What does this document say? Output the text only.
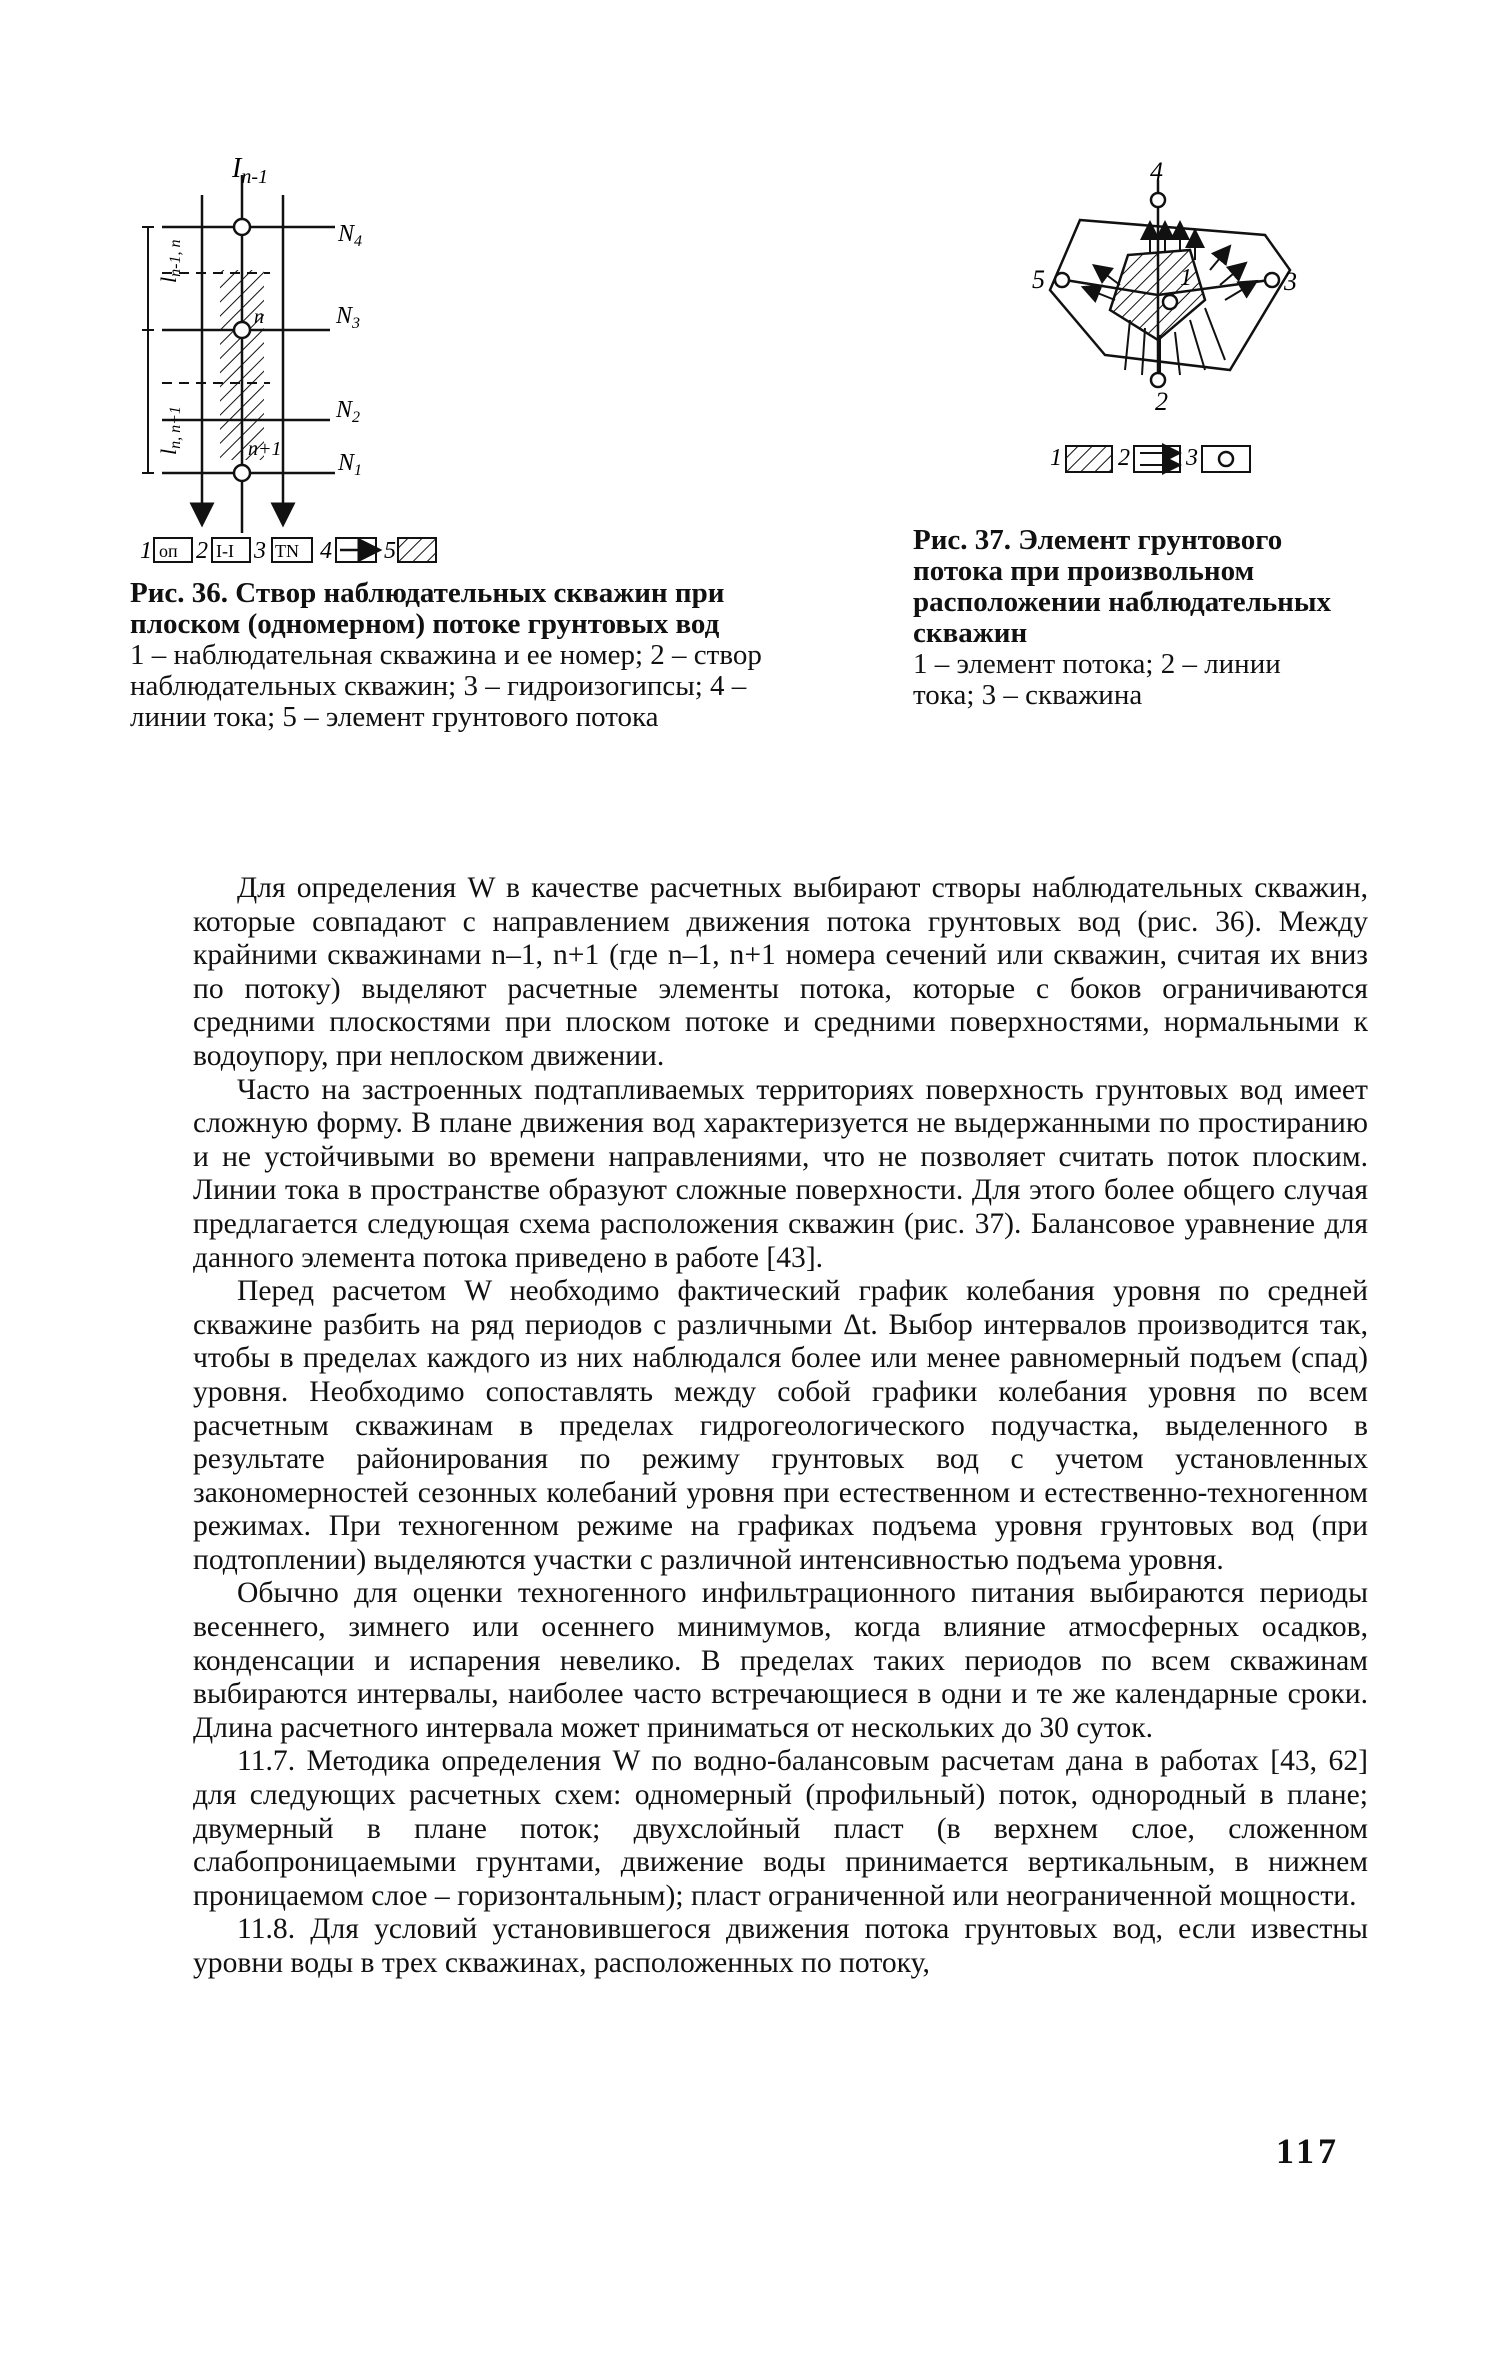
ln-1, n
ln, n+1
$I_{n-1}$
$N_4$
$N_3$
$N_2$
$N_1$
n
n+1
1 оп 2 I-I 3 TN 4 5
Рис. 36. Створ наблюдательных скважин при плоском (одномерном) потоке грунтовых вод
1 – наблюдательная скважина и ее номер; 2 – створ наблюдательных скважин; 3 – гидроизогипсы; 4 – линии тока; 5 – элемент грунтового потока
4
5	3
2
1
1 2 3
Рис. 37. Элемент грунтового потока при произвольном расположении наблюдательных скважин
1 – элемент потока; 2 – линии тока; 3 – скважина

Для определения W в качестве расчетных выбирают створы наблюдательных скважин, которые совпадают с направлением движения потока грунтовых вод (рис. 36). Между крайними скважинами n–1, n+1 (где n–1, n+1 номера сечений или скважин, считая их вниз по потоку) выделяют расчетные элементы потока, которые с боков ограничиваются средними плоскостями при плоском потоке и средними поверхностями, нормальными к водоупору, при неплоском движении.

Часто на застроенных подтапливаемых территориях поверхность грунтовых вод имеет сложную форму. В плане движения вод характеризуется не выдержанными по простиранию и не устойчивыми во времени направлениями, что не позволяет считать поток плоским. Линии тока в пространстве образуют сложные поверхности. Для этого более общего случая предлагается следующая схема расположения скважин (рис. 37). Балансовое уравнение для данного элемента потока приведено в работе [43].

Перед расчетом W необходимо фактический график колебания уровня по средней скважине разбить на ряд периодов с различными Δt. Выбор интервалов производится так, чтобы в пределах каждого из них наблюдался более или менее равномерный подъем (спад) уровня. Необходимо сопоставлять между собой графики колебания уровня по всем расчетным скважинам в пределах гидрогеологического подучастка, выделенного в результате районирования по режиму грунтовых вод с учетом установленных закономерностей сезонных колебаний уровня при естественном и естественно-техногенном режимах. При техногенном режиме на графиках подъема уровня грунтовых вод (при подтоплении) выделяются участки с различной интенсивностью подъема уровня.

Обычно для оценки техногенного инфильтрационного питания выбираются периоды весеннего, зимнего или осеннего минимумов, когда влияние атмосферных осадков, конденсации и испарения невелико. В пределах таких периодов по всем скважинам выбираются интервалы, наиболее часто встречающиеся в одни и те же календарные сроки. Длина расчетного интервала может приниматься от нескольких до 30 суток.

11.7. Методика определения W по водно-балансовым расчетам дана в работах [43, 62] для следующих расчетных схем: одномерный (профильный) поток, однородный в плане; двумерный в плане поток; двухслойный пласт (в верхнем слое, сложенном слабопроницаемыми грунтами, движение воды принимается вертикальным, в нижнем проницаемом слое – горизонтальным); пласт ограниченной или неограниченной мощности.

11.8. Для условий установившегося движения потока грунтовых вод, если известны уровни воды в трех скважинах, расположенных по потоку,

117
